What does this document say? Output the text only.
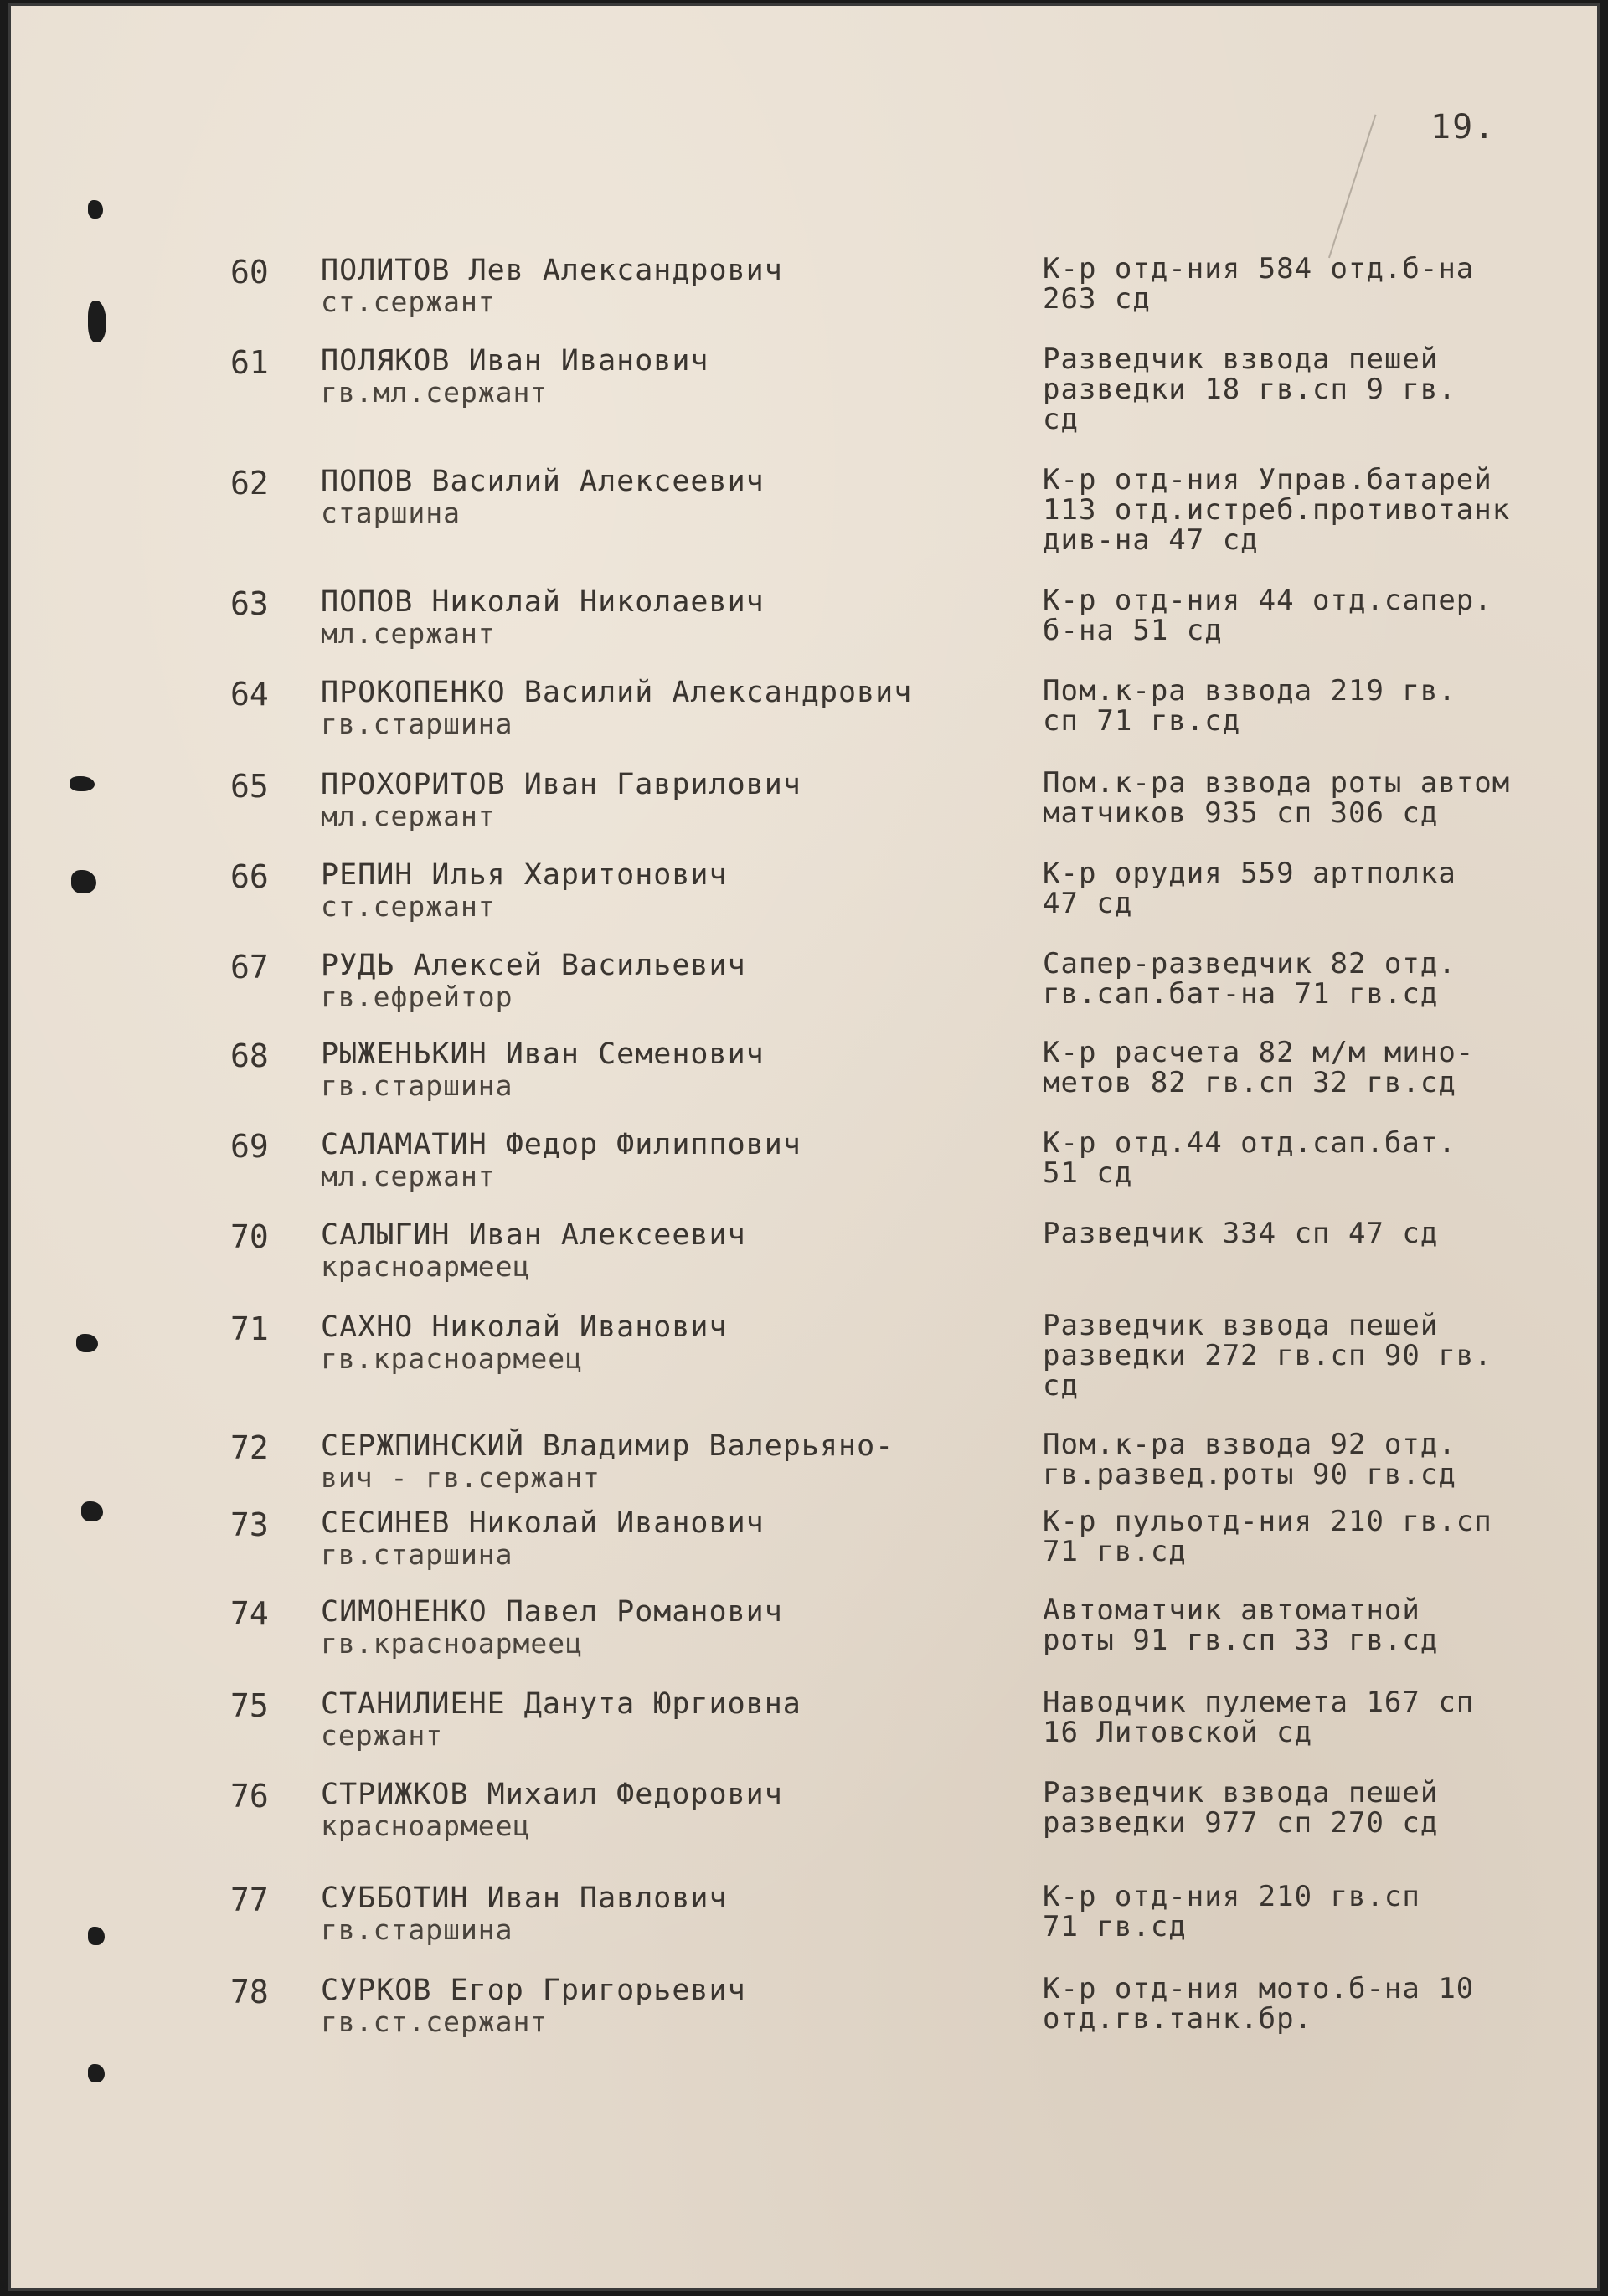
19.
60 ПОЛИТОВ Лев Александрович
ст.сержант
К-р отд-ния 584 отд.б-на
263 сд
61 ПОЛЯКОВ Иван Иванович
гв.мл.сержант
Разведчик взвода пешей
разведки 18 гв.сп 9 гв.
сд
62 ПОПОВ Василий Алексеевич
старшина
К-р отд-ния Управ.батарей
113 отд.истреб.противотанк
див-на 47 сд
63 ПОПОВ Николай Николаевич
мл.сержант
К-р отд-ния 44 отд.сапер.
б-на 51 сд
64 ПРОКОПЕНКО Василий Александрович
гв.старшина
Пом.к-ра взвода 219 гв.
сп 71 гв.сд
65 ПРОХОРИТОВ Иван Гаврилович
мл.сержант
Пом.к-ра взвода роты автом
матчиков 935 сп 306 сд
66 РЕПИН Илья Харитонович
ст.сержант
К-р орудия 559 артполка
47 сд
67 РУДЬ Алексей Васильевич
гв.ефрейтор
Сапер-разведчик 82 отд.
гв.сап.бат-на 71 гв.сд
68 РЫЖЕНЬКИН Иван Семенович
гв.старшина
К-р расчета 82 м/м мино-
метов 82 гв.сп 32 гв.сд
69 САЛАМАТИН Федор Филиппович
мл.сержант
К-р отд.44 отд.сап.бат.
51 сд
70 САЛЫГИН Иван Алексеевич
красноармеец
Разведчик 334 сп 47 сд
71 САХНО Николай Иванович
гв.красноармеец
Разведчик взвода пешей
разведки 272 гв.сп 90 гв.
сд
72 СЕРЖПИНСКИЙ Владимир Валерьяно-
вич - гв.сержант
Пом.к-ра взвода 92 отд.
гв.развед.роты 90 гв.сд
73 СЕСИНЕВ Николай Иванович
гв.старшина
К-р пульотд-ния 210 гв.сп
71 гв.сд
74 СИМОНЕНКО Павел Романович
гв.красноармеец
Автоматчик автоматной
роты 91 гв.сп 33 гв.сд
75 СТАНИЛИЕНЕ Данута Юргиовна
сержант
Наводчик пулемета 167 сп
16 Литовской сд
76 СТРИЖКОВ Михаил Федорович
красноармеец
Разведчик взвода пешей
разведки 977 сп 270 сд
77 СУББОТИН Иван Павлович
гв.старшина
К-р отд-ния 210 гв.сп
71 гв.сд
78 СУРКОВ Егор Григорьевич
гв.ст.сержант
К-р отд-ния мото.б-на 10
отд.гв.танк.бр.
